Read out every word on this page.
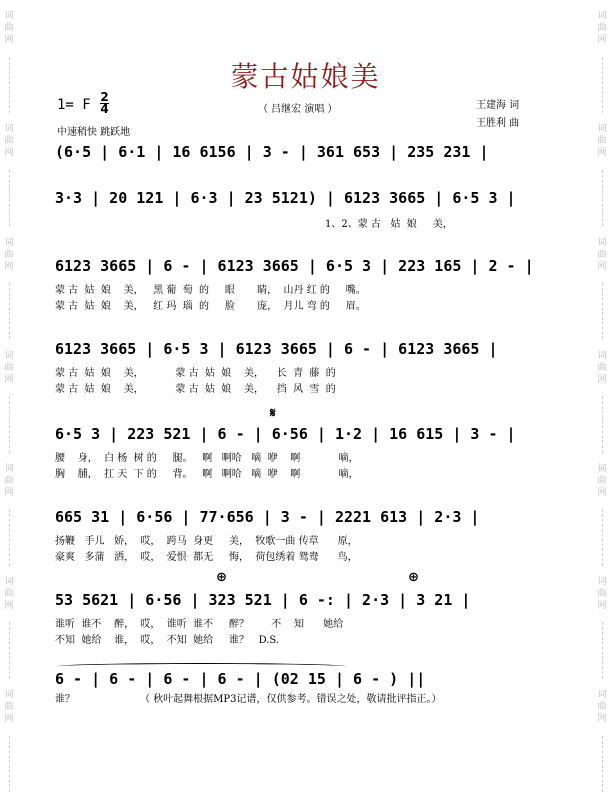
词
曲
网
词
曲
网
词
曲
网
词
曲
网
词
曲
网
词
曲
网
词
曲
网
词
曲
网
词
曲
网
词
曲
网
词
曲
网
词
曲
网
词
曲
网
词
曲
网
蒙古姑娘美
（ 吕继宏 演唱 ）
1= F 2
4
中速稍快 跳跃地
王建海 词
王胜利 曲
(6·5 | 6·1 | 16 6156 | 3 - | 361 653 | 235 231 |
3·3 | 20 121 | 6·3 | 23 5121) | 6123 3665 | 6·5 3 |
1、2、蒙 古   姑  娘     美，
6123 3665 | 6 - | 6123 3665 | 6·5 3 | 223 165 | 2 - |
蒙 古  姑  娘    美，   黑 葡  萄  的     眼       睛，  山丹 红 的     嘴。
蒙 古  姑  娘    美，   红 玛  瑙  的     脸       庞，  月儿 弯 的     眉。
6123 3665 | 6·5 3 | 6123 3665 | 6 - | 6123 3665 |
蒙 古  姑  娘    美，          蒙 古  姑  娘    美，    长  青  藤  的
蒙 古  姑  娘    美，          蒙 古  姑  娘    美，    挡  风  雪  的
𝄋
6·5 3 | 223 521 | 6 - | 6·56 | 1·2 | 16 615 | 3 - |
腰    身，  白 杨  树 的     腿。   啊   啊哈   嘀  咿    啊            嘀，
胸    脯，  扛 天  下 的     背。   啊   啊哈   嘀  咿    啊            嘀，
665 31 | 6·56 | 77·656 | 3 - | 2221 613 | 2·3 |
扬鞭   手儿   娇，  哎，  跨马  身更     美，  牧歌一曲 传草      原，
豪爽   多蒲   洒，  哎，  爱恨  都无     悔，  荷包绣着 鸳鸯      鸟，
⊕	⊕
53 5621 | 6·56 | 323 521 | 6 -: | 2·3 | 3 21 |
谁听  谁不    醉，  哎，  谁听  谁不     醉？       不    知      她给
不知  她给    谁，  哎，  不知  她给     谁？   D.S.
6 - | 6 - | 6 - | 6 - | (02 15 | 6 - ) ||
谁？	（ 秋叶起舞根据MP3记谱，仅供参考。错误之处，敬请批评指正。）
